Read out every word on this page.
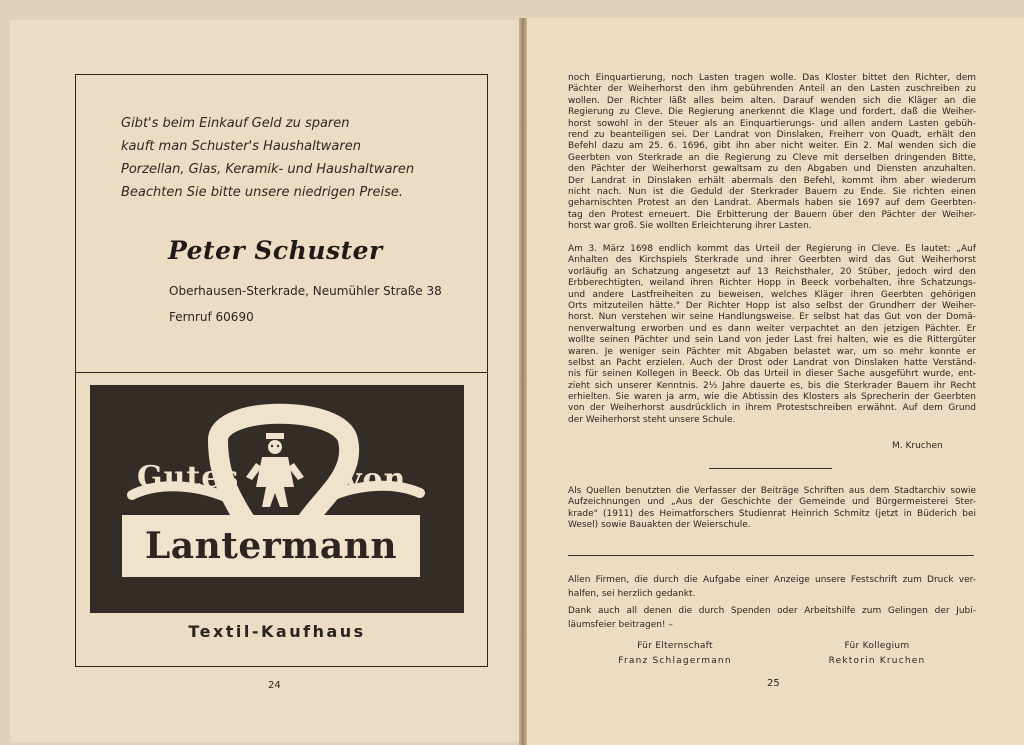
Gibt's beim Einkauf Geld zu sparen
kauft man Schuster's Haushaltwaren
Porzellan, Glas, Keramik- und Haushaltwaren
Beachten Sie bitte unsere niedrigen Preise.
Peter Schuster
Oberhausen-Sterkrade, Neumühler Straße 38
Fernruf 60690
Gutes	von
Lantermann
Textil-Kaufhaus
24
noch Einquartierung, noch Lasten tragen wolle. Das Kloster bittet den Richter, dem
Pächter der Weiherhorst den ihm gebührenden Anteil an den Lasten zuschreiben zu
wollen. Der Richter läßt alles beim alten. Darauf wenden sich die Kläger an die
Regierung zu Cleve. Die Regierung anerkennt die Klage und fordert, daß die Weiher-
horst sowohl in der Steuer als an Einquartierungs- und allen andern Lasten gebüh-
rend zu beanteiligen sei. Der Landrat von Dinslaken, Freiherr von Quadt, erhält den
Befehl dazu am 25. 6. 1696, gibt ihn aber nicht weiter. Ein 2. Mal wenden sich die
Geerbten von Sterkrade an die Regierung zu Cleve mit derselben dringenden Bitte,
den Pächter der Weiherhorst gewaltsam zu den Abgaben und Diensten anzuhalten.
Der Landrat in Dinslaken erhält abermals den Befehl, kommt ihm aber wiederum
nicht nach. Nun ist die Geduld der Sterkrader Bauern zu Ende. Sie richten einen
geharnischten Protest an den Landrat. Abermals haben sie 1697 auf dem Geerbten-
tag den Protest erneuert. Die Erbitterung der Bauern über den Pächter der Weiher-
horst war groß. Sie wollten Erleichterung ihrer Lasten.
Am 3. März 1698 endlich kommt das Urteil der Regierung in Cleve. Es lautet: „Auf
Anhalten des Kirchspiels Sterkrade und ihrer Geerbten wird das Gut Weiherhorst
vorläufig an Schatzung angesetzt auf 13 Reichsthaler, 20 Stüber, jedoch wird den
Erbberechtigten, weiland ihren Richter Hopp in Beeck vorbehalten, ihre Schatzungs-
und andere Lastfreiheiten zu beweisen, welches Kläger ihren Geerbten gehörigen
Orts mitzuteilen hätte." Der Richter Hopp ist also selbst der Grundherr der Weiher-
horst. Nun verstehen wir seine Handlungsweise. Er selbst hat das Gut von der Domä-
nenverwaltung erworben und es dann weiter verpachtet an den jetzigen Pächter. Er
wollte seinen Pächter und sein Land von jeder Last frei halten, wie es die Rittergüter
waren. Je weniger sein Pächter mit Abgaben belastet war, um so mehr konnte er
selbst an Pacht erzielen. Auch der Drost oder Landrat von Dinslaken hatte Verständ-
nis für seinen Kollegen in Beeck. Ob das Urteil in dieser Sache ausgeführt wurde, ent-
zieht sich unserer Kenntnis. 2½ Jahre dauerte es, bis die Sterkrader Bauern ihr Recht
erhielten. Sie waren ja arm, wie die Äbtissin des Klosters als Sprecherin der Geerbten
von der Weiherhorst ausdrücklich in ihrem Protestschreiben erwähnt. Auf dem Grund
der Weiherhorst steht unsere Schule.
M. Kruchen
Als Quellen benutzten die Verfasser der Beiträge Schriften aus dem Stadtarchiv sowie
Aufzeichnungen und „Aus der Geschichte der Gemeinde und Bürgermeisterei Ster-
krade" (1911) des Heimatforschers Studienrat Heinrich Schmitz (jetzt in Büderich bei
Wesel) sowie Bauakten der Weierschule.
Allen Firmen, die durch die Aufgabe einer Anzeige unsere Festschrift zum Druck ver-
halfen, sei herzlich gedankt.
Dank auch all denen die durch Spenden oder Arbeitshilfe zum Gelingen der Jubi-
läumsfeier beitragen! –
Für Elternschaft
Franz Schlagermann
Für Kollegium
Rektorin Kruchen
25
